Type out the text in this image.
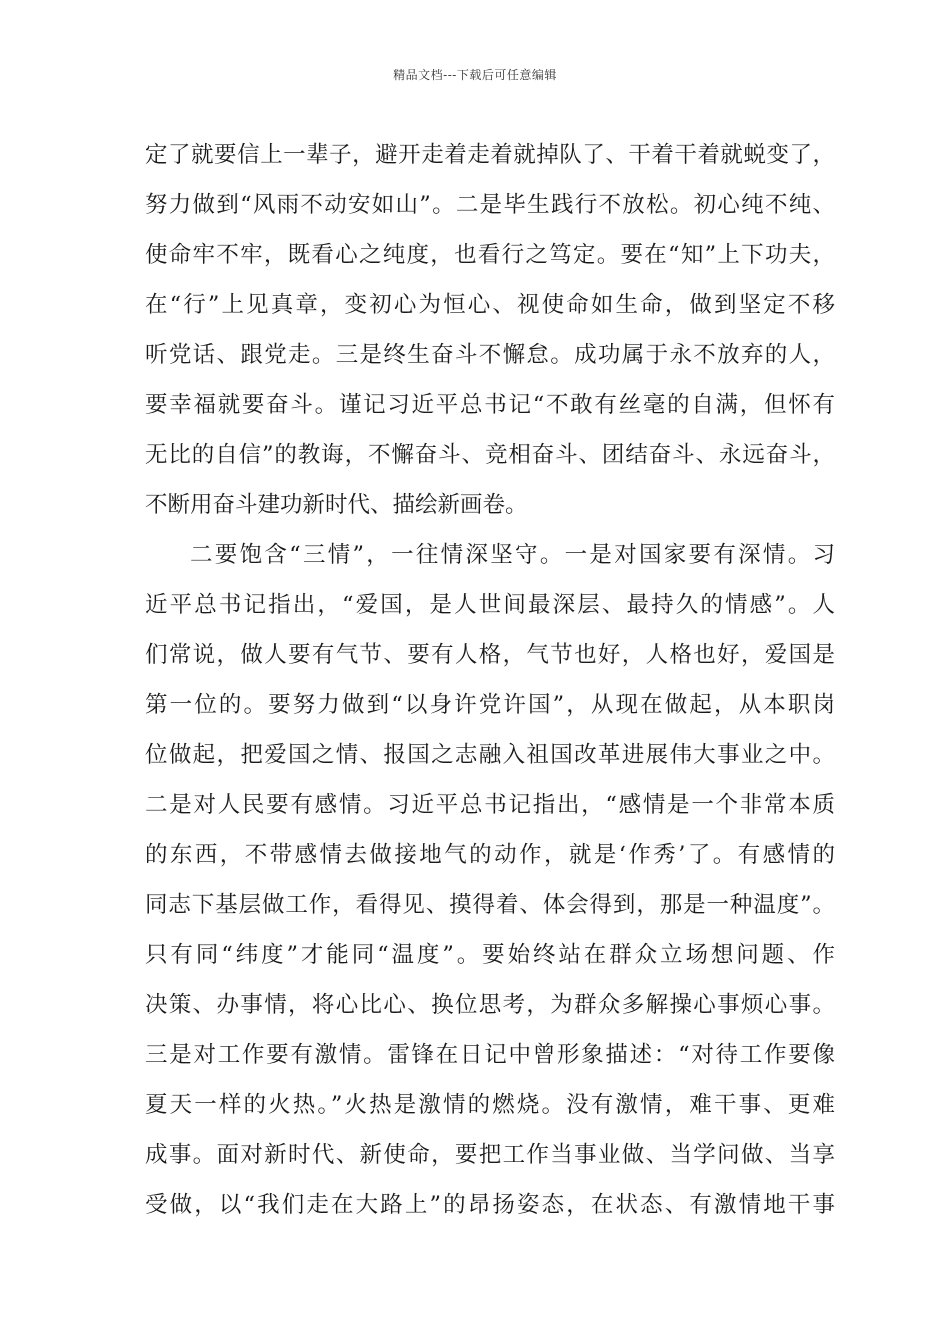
精品文档---下载后可任意编辑
定了就要信上一辈子，避开走着走着就掉队了、干着干着就蜕变了，
努力做到“风雨不动安如山”。二是毕生践行不放松。初心纯不纯、
使命牢不牢，既看心之纯度，也看行之笃定。要在“知”上下功夫，
在“行”上见真章，变初心为恒心、视使命如生命，做到坚定不移
听党话、跟党走。三是终生奋斗不懈怠。成功属于永不放弃的人，
要幸福就要奋斗。谨记习近平总书记“不敢有丝毫的自满，但怀有
无比的自信”的教诲，不懈奋斗、竞相奋斗、团结奋斗、永远奋斗，
不断用奋斗建功新时代、描绘新画卷。
二要饱含“三情”，一往情深坚守。一是对国家要有深情。习
近平总书记指出，“爱国，是人世间最深层、最持久的情感”。人
们常说，做人要有气节、要有人格，气节也好，人格也好，爱国是
第一位的。要努力做到“以身许党许国”，从现在做起，从本职岗
位做起，把爱国之情、报国之志融入祖国改革进展伟大事业之中。
二是对人民要有感情。习近平总书记指出，“感情是一个非常本质
的东西，不带感情去做接地气的动作，就是‘作秀’了。有感情的
同志下基层做工作，看得见、摸得着、体会得到，那是一种温度”。
只有同“纬度”才能同“温度”。要始终站在群众立场想问题、作
决策、办事情，将心比心、换位思考，为群众多解操心事烦心事。
三是对工作要有激情。雷锋在日记中曾形象描述：“对待工作要像
夏天一样的火热。”火热是激情的燃烧。没有激情，难干事、更难
成事。面对新时代、新使命，要把工作当事业做、当学问做、当享
受做，以“我们走在大路上”的昂扬姿态，在状态、有激情地干事
